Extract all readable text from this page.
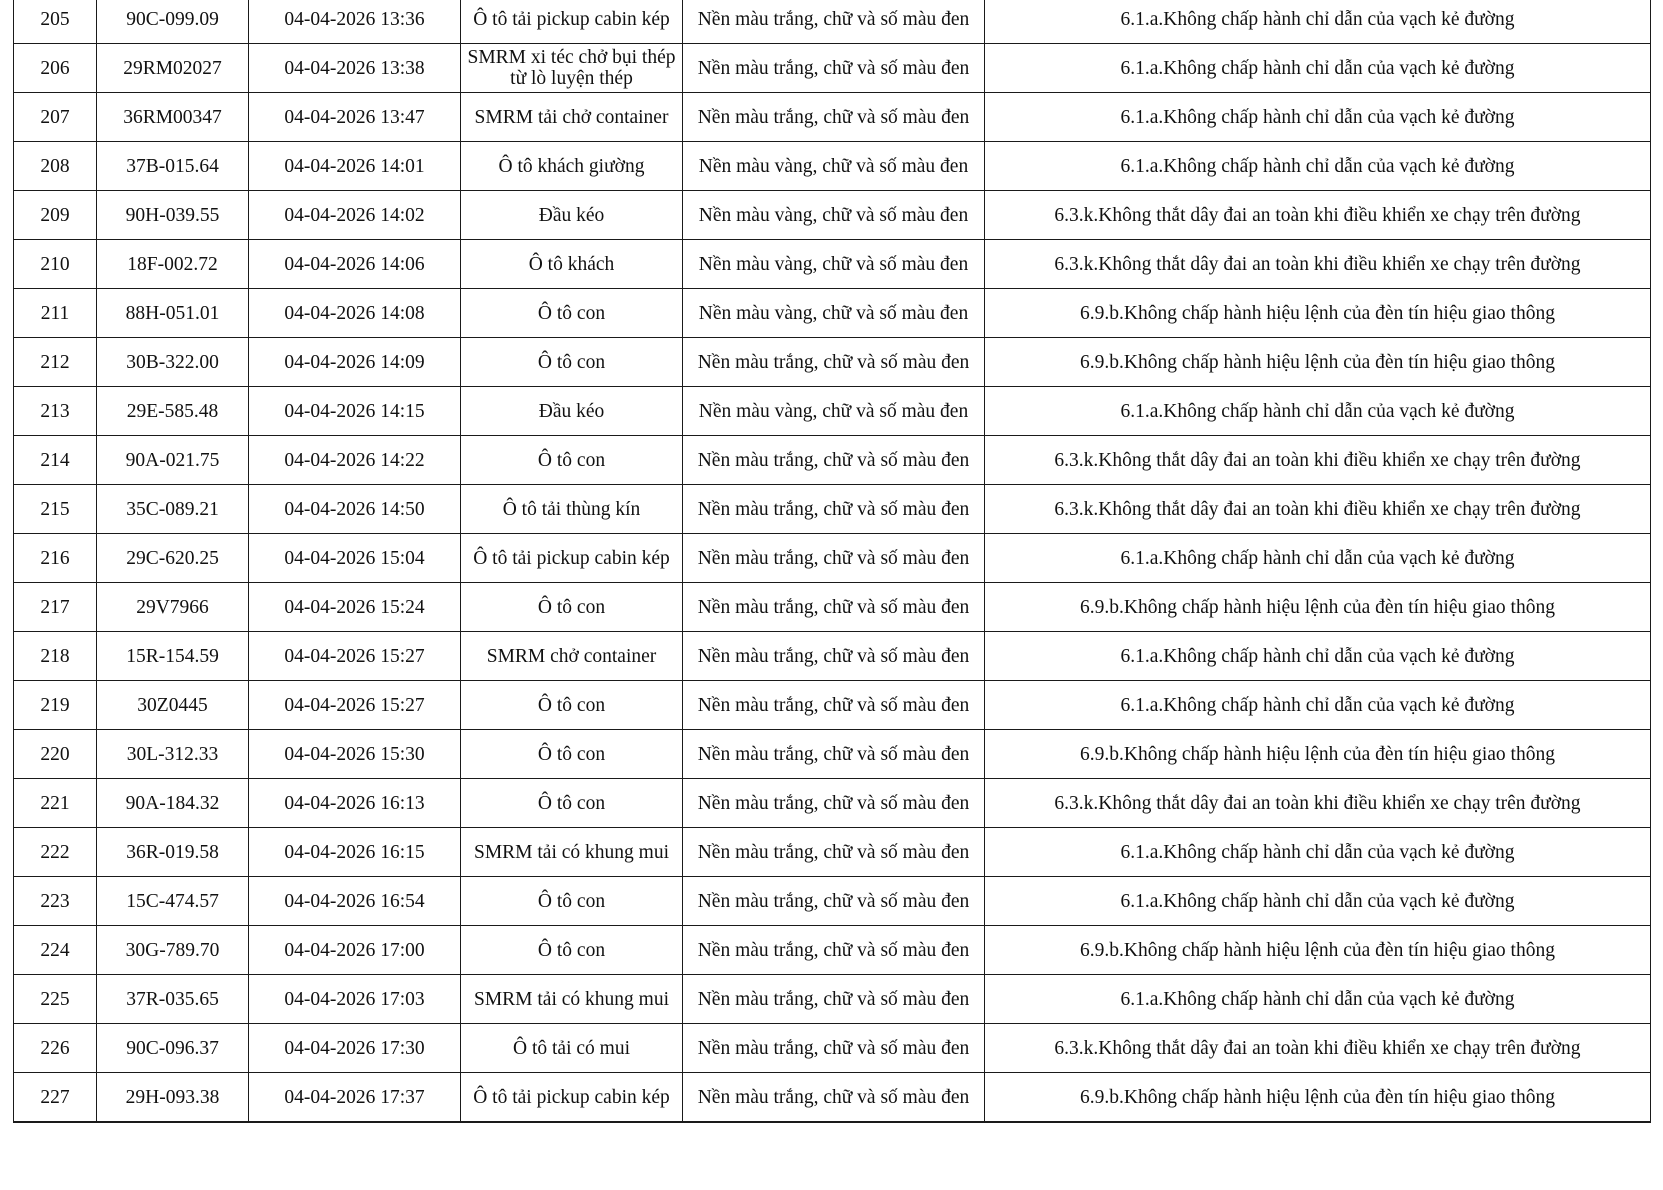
205	90C-099.09	04-04-2026 13:36	Ô tô tải pickup cabin kép	Nền màu trắng, chữ và số màu đen	6.1.a.Không chấp hành chỉ dẫn của vạch kẻ đường
206	29RM02027	04-04-2026 13:38	SMRM xi téc chở bụi thép từ lò luyện thép	Nền màu trắng, chữ và số màu đen	6.1.a.Không chấp hành chỉ dẫn của vạch kẻ đường
207	36RM00347	04-04-2026 13:47	SMRM tải chở container	Nền màu trắng, chữ và số màu đen	6.1.a.Không chấp hành chỉ dẫn của vạch kẻ đường
208	37B-015.64	04-04-2026 14:01	Ô tô khách giường	Nền màu vàng, chữ và số màu đen	6.1.a.Không chấp hành chỉ dẫn của vạch kẻ đường
209	90H-039.55	04-04-2026 14:02	Đầu kéo	Nền màu vàng, chữ và số màu đen	6.3.k.Không thắt dây đai an toàn khi điều khiển xe chạy trên đường
210	18F-002.72	04-04-2026 14:06	Ô tô khách	Nền màu vàng, chữ và số màu đen	6.3.k.Không thắt dây đai an toàn khi điều khiển xe chạy trên đường
211	88H-051.01	04-04-2026 14:08	Ô tô con	Nền màu vàng, chữ và số màu đen	6.9.b.Không chấp hành hiệu lệnh của đèn tín hiệu giao thông
212	30B-322.00	04-04-2026 14:09	Ô tô con	Nền màu trắng, chữ và số màu đen	6.9.b.Không chấp hành hiệu lệnh của đèn tín hiệu giao thông
213	29E-585.48	04-04-2026 14:15	Đầu kéo	Nền màu vàng, chữ và số màu đen	6.1.a.Không chấp hành chỉ dẫn của vạch kẻ đường
214	90A-021.75	04-04-2026 14:22	Ô tô con	Nền màu trắng, chữ và số màu đen	6.3.k.Không thắt dây đai an toàn khi điều khiển xe chạy trên đường
215	35C-089.21	04-04-2026 14:50	Ô tô tải thùng kín	Nền màu trắng, chữ và số màu đen	6.3.k.Không thắt dây đai an toàn khi điều khiển xe chạy trên đường
216	29C-620.25	04-04-2026 15:04	Ô tô tải pickup cabin kép	Nền màu trắng, chữ và số màu đen	6.1.a.Không chấp hành chỉ dẫn của vạch kẻ đường
217	29V7966	04-04-2026 15:24	Ô tô con	Nền màu trắng, chữ và số màu đen	6.9.b.Không chấp hành hiệu lệnh của đèn tín hiệu giao thông
218	15R-154.59	04-04-2026 15:27	SMRM chở container	Nền màu trắng, chữ và số màu đen	6.1.a.Không chấp hành chỉ dẫn của vạch kẻ đường
219	30Z0445	04-04-2026 15:27	Ô tô con	Nền màu trắng, chữ và số màu đen	6.1.a.Không chấp hành chỉ dẫn của vạch kẻ đường
220	30L-312.33	04-04-2026 15:30	Ô tô con	Nền màu trắng, chữ và số màu đen	6.9.b.Không chấp hành hiệu lệnh của đèn tín hiệu giao thông
221	90A-184.32	04-04-2026 16:13	Ô tô con	Nền màu trắng, chữ và số màu đen	6.3.k.Không thắt dây đai an toàn khi điều khiển xe chạy trên đường
222	36R-019.58	04-04-2026 16:15	SMRM tải có khung mui	Nền màu trắng, chữ và số màu đen	6.1.a.Không chấp hành chỉ dẫn của vạch kẻ đường
223	15C-474.57	04-04-2026 16:54	Ô tô con	Nền màu trắng, chữ và số màu đen	6.1.a.Không chấp hành chỉ dẫn của vạch kẻ đường
224	30G-789.70	04-04-2026 17:00	Ô tô con	Nền màu trắng, chữ và số màu đen	6.9.b.Không chấp hành hiệu lệnh của đèn tín hiệu giao thông
225	37R-035.65	04-04-2026 17:03	SMRM tải có khung mui	Nền màu trắng, chữ và số màu đen	6.1.a.Không chấp hành chỉ dẫn của vạch kẻ đường
226	90C-096.37	04-04-2026 17:30	Ô tô tải có mui	Nền màu trắng, chữ và số màu đen	6.3.k.Không thắt dây đai an toàn khi điều khiển xe chạy trên đường
227	29H-093.38	04-04-2026 17:37	Ô tô tải pickup cabin kép	Nền màu trắng, chữ và số màu đen	6.9.b.Không chấp hành hiệu lệnh của đèn tín hiệu giao thông
